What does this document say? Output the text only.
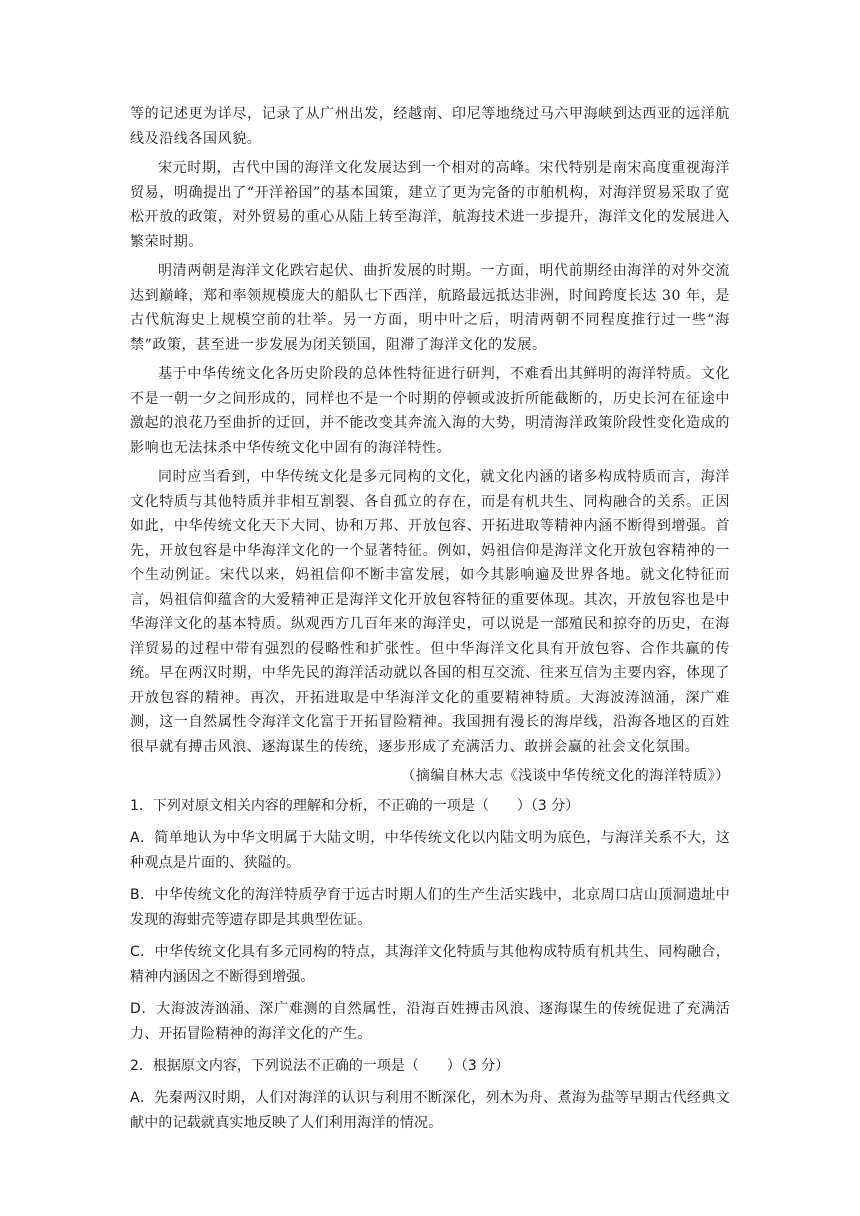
等的记述更为详尽，记录了从广州出发，经越南、印尼等地绕过马六甲海峡到达西亚的远洋航线及沿线各国风貌。

宋元时期，古代中国的海洋文化发展达到一个相对的高峰。宋代特别是南宋高度重视海洋贸易，明确提出了“开洋裕国”的基本国策，建立了更为完备的市舶机构，对海洋贸易采取了宽松开放的政策，对外贸易的重心从陆上转至海洋，航海技术进一步提升，海洋文化的发展进入繁荣时期。

明清两朝是海洋文化跌宕起伏、曲折发展的时期。一方面，明代前期经由海洋的对外交流达到巅峰，郑和率领规模庞大的船队七下西洋，航路最远抵达非洲，时间跨度长达 30 年，是古代航海史上规模空前的壮举。另一方面，明中叶之后，明清两朝不同程度推行过一些“海禁”政策，甚至进一步发展为闭关锁国，阻滞了海洋文化的发展。

基于中华传统文化各历史阶段的总体性特征进行研判，不难看出其鲜明的海洋特质。文化不是一朝一夕之间形成的，同样也不是一个时期的停顿或波折所能截断的，历史长河在征途中激起的浪花乃至曲折的迂回，并不能改变其奔流入海的大势，明清海洋政策阶段性变化造成的影响也无法抹杀中华传统文化中固有的海洋特性。

同时应当看到，中华传统文化是多元同构的文化，就文化内涵的诸多构成特质而言，海洋文化特质与其他特质并非相互割裂、各自孤立的存在，而是有机共生、同构融合的关系。正因如此，中华传统文化天下大同、协和万邦、开放包容、开拓进取等精神内涵不断得到增强。首先，开放包容是中华海洋文化的一个显著特征。例如，妈祖信仰是海洋文化开放包容精神的一个生动例证。宋代以来，妈祖信仰不断丰富发展，如今其影响遍及世界各地。就文化特征而言，妈祖信仰蕴含的大爱精神正是海洋文化开放包容特征的重要体现。其次，开放包容也是中华海洋文化的基本特质。纵观西方几百年来的海洋史，可以说是一部殖民和掠夺的历史，在海洋贸易的过程中带有强烈的侵略性和扩张性。但中华海洋文化具有开放包容、合作共赢的传统。早在两汉时期，中华先民的海洋活动就以各国的相互交流、往来互信为主要内容，体现了开放包容的精神。再次，开拓进取是中华海洋文化的重要精神特质。大海波涛汹涌，深广难测，这一自然属性令海洋文化富于开拓冒险精神。我国拥有漫长的海岸线，沿海各地区的百姓很早就有搏击风浪、逐海谋生的传统，逐步形成了充满活力、敢拼会赢的社会文化氛围。

（摘编自林大志《浅谈中华传统文化的海洋特质》）
1．下列对原文相关内容的理解和分析，不正确的一项是（　　）（3 分）
A．简单地认为中华文明属于大陆文明，中华传统文化以内陆文明为底色，与海洋关系不大，这种观点是片面的、狭隘的。
B．中华传统文化的海洋特质孕育于远古时期人们的生产生活实践中，北京周口店山顶洞遗址中发现的海蚶壳等遗存即是其典型佐证。
C．中华传统文化具有多元同构的特点，其海洋文化特质与其他构成特质有机共生、同构融合，精神内涵因之不断得到增强。
D．大海波涛汹涌、深广难测的自然属性，沿海百姓搏击风浪、逐海谋生的传统促进了充满活力、开拓冒险精神的海洋文化的产生。
2．根据原文内容，下列说法不正确的一项是（　　）（3 分）
A．先秦两汉时期，人们对海洋的认识与利用不断深化，列木为舟、煮海为盐等早期古代经典文献中的记载就真实地反映了人们利用海洋的情况。
